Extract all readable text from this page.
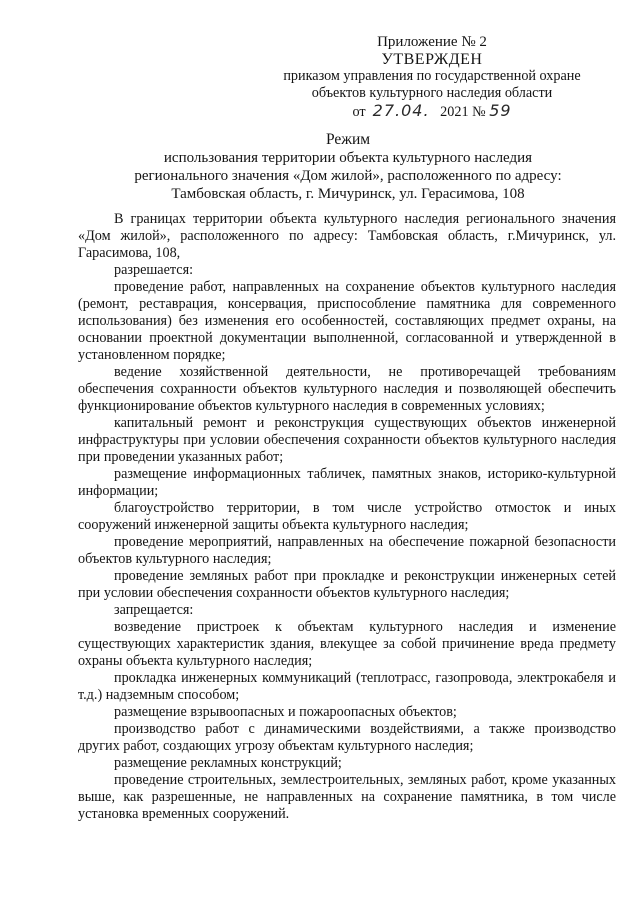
Приложение № 2
УТВЕРЖДЕН
приказом управления по государственной охране
объектов культурного наследия области
от 27.04. 2021 № 59
Режим
использования территории объекта культурного наследия
регионального значения «Дом жилой», расположенного по адресу:
Тамбовская область, г. Мичуринск, ул. Герасимова, 108

В границах территории объекта культурного наследия регионального значения «Дом жилой», расположенного по адресу: Тамбовская область, г.Мичуринск, ул. Гарасимова, 108,

разрешается:

проведение работ, направленных на сохранение объектов культурного наследия (ремонт, реставрация, консервация, приспособление памятника для современного использования) без изменения его особенностей, составляющих предмет охраны, на основании проектной документации выполненной, согласованной и утвержденной в установленном порядке;

ведение хозяйственной деятельности, не противоречащей требованиям обеспечения сохранности объектов культурного наследия и позволяющей обеспечить функционирование объектов культурного наследия в современных условиях;

капитальный ремонт и реконструкция существующих объектов инженерной инфраструктуры при условии обеспечения сохранности объектов культурного наследия при проведении указанных работ;

размещение информационных табличек, памятных знаков, историко-культурной информации;

благоустройство территории, в том числе устройство отмосток и иных сооружений инженерной защиты объекта культурного наследия;

проведение мероприятий, направленных на обеспечение пожарной безопасности объектов культурного наследия;

проведение земляных работ при прокладке и реконструкции инженерных сетей при условии обеспечения сохранности объектов культурного наследия;

запрещается:

возведение пристроек к объектам культурного наследия и изменение существующих характеристик здания, влекущее за собой причинение вреда предмету охраны объекта культурного наследия;

прокладка инженерных коммуникаций (теплотрасс, газопровода, электрокабеля и т.д.) надземным способом;

размещение взрывоопасных и пожароопасных объектов;

производство работ с динамическими воздействиями, а также производство других работ, создающих угрозу объектам культурного наследия;

размещение рекламных конструкций;

проведение строительных, землестроительных, земляных работ, кроме указанных выше, как разрешенные, не направленных на сохранение памятника, в том числе установка временных сооружений.
